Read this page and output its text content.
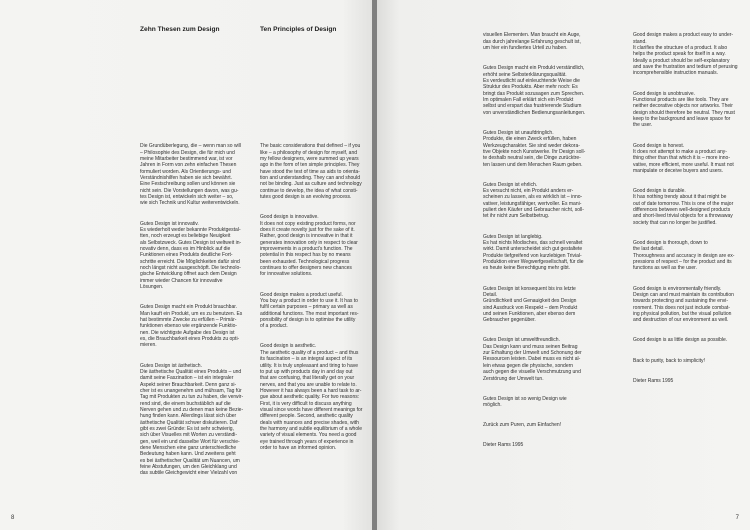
Zehn Thesen zum Design	Ten Principles of Design

Die Grundüberlegung, die – wenn man so will
– Philosophie des Design, die für mich und
meine Mitarbeiter bestimmend war, ist vor
Jahren in Form von zehn einfachen Thesen
formuliert worden. Als Orientierungs- und
Verständnishilfen haben sie sich bewährt.
Eine Festschreibung sollen und können sie
nicht sein. Die Vorstellungen davon, was gu-
tes Design ist, entwickeln sich weiter – so,
wie sich Technik und Kultur weiterentwickeln.

Gutes Design ist innovativ.
Es wiederholt weder bekannte Produktgestal-
tten, noch erzeugt es beliebige Neuigkeit
als Selbstzweck. Gutes Design ist weltweit in-
novativ denn, dass es im Hinblick auf die
Funktionen eines Produkts deutliche Fort-
schritte erreicht. Die Möglichkeiten dafür sind
noch längst nicht ausgeschöpft. Die technolo-
gische Entwicklung öffnet auch dem Design
immer wieder Chancen für innovative
Lösungen.

Gutes Design macht ein Produkt brauchbar.
Man kauft ein Produkt, um es zu benutzen. Es
hat bestimmte Zwecke zu erfüllen – Primär-
funktionen ebenso wie ergänzende Funktio-
nen. Die wichtigste Aufgabe des Design ist
es, die Brauchbarkeit eines Produkts zu opti-
mieren.

Gutes Design ist ästhetisch.
Die ästhetische Qualität eines Produkts – und
damit seine Faszination – ist ein integraler
Aspekt seiner Brauchbarkeit. Denn ganz si-
cher ist es unangenehm und mühsam, Tag für
Tag mit Produkten zu tun zu haben, die verwir-
rend sind, die einem buchstäblich auf die
Nerven gehen und zu denen man keine Bezie-
hung finden kann. Allerdings lässt sich über
ästhetische Qualität schwer diskutieren. Daf
gibt es zwei Gründe: Es ist sehr schwierig,
sich über Visuelles mit Worten zu verständi-
gen, weil ein und dasselbe Wort für verschie-
dene Menschen eine ganz unterschiedliche
Bedeutung haben kann. Und zweitens geht
es bei ästhetischer Qualität um Nuancen, um
feine Abstufungen, um den Gleichklang und
das subtile Gleichgewicht einer Vielzahl von

The basic considerations that defined – if you
like – a philosophy of design for myself, and
my fellow designers, were summed up years
ago in the form of ten simple principles. They
have stood the test of time as aids to orienta-
tion and understanding. They can and should
not be binding. Just as culture and technology
continue to develop, the idea of what consti-
tutes good design is an evolving process.

Good design is innovative.
It does not copy existing product forms, nor
does it create novelty just for the sake of it.
Rather, good design is innovative in that it
generates innovation only in respect to clear
improvements in a product's function. The
potential in this respect has by no means
been exhausted. Technological progress
continues to offer designers new chances
for innovative solutions.

Good design makes a product useful.
You buy a product in order to use it. It has to
fulfil certain purposes – primary as well as
additional functions. The most important res-
ponsibility of design is to optimise the utility
of a product.

Good design is aesthetic.
The aesthetic quality of a product – and thus
its fascination – is an integral aspect of its
utility. It is truly unpleasant and tiring to have
to put up with products day in and day out
that are confusing, that literally get on your
nerves, and that you are unable to relate to.
However it has always been a hard task to ar-
gue about aesthetic quality. For two reasons:
First, it is very difficult to discuss anything
visual since words have different meanings for
different people. Second, aesthetic quality
deals with nuances and precise shades, with
the harmony and subtle equilibrium of a whole
variety of visual elements. You need a good
eye trained through years of experience in
order to have an informed opinion.

8

visuellen Elementen. Man braucht ein Auge,
das durch jahrelange Erfahrung geschult ist,
um hier ein fundiertes Urteil zu haben.

Gutes Design macht ein Produkt verständlich,
erhöht seine Selbsterklärungsqualität.
Es verdeutlicht auf einleuchtende Weise die
Struktur des Produkts. Aber mehr noch: Es
bringt das Produkt sozusagen zum Sprechen.
Im optimalen Fall erklärt sich ein Produkt
selbst und erspart das frustrierende Studium
von unverständlichen Bedienungsanleitungen.

Gutes Design ist unaufdringlich.
Produkte, die einen Zweck erfüllen, haben
Werkzeugcharakter. Sie sind weder dekora-
tive Objekte noch Kunstwerke. Ihr Design soll-
te deshalb neutral sein, die Dinge zurücktre-
ten lassen und dem Menschen Raum geben.

Gutes Design ist ehrlich.
Es versucht nicht, ein Produkt anders er-
scheinen zu lassen, als es wirklich ist – inno-
vativer, leistungsfähiger, wertvoller. Es mani-
puliert den Käufer und Gebraucher nicht, soll-
tet ihr nicht zum Selbstbetrug.

Gutes Design ist langlebig.
Es hat nichts Modisches, das schnell veraltet
wirkt. Damit unterscheidet sich gut gestaltete
Produkte tiefgreifend von kurzlebigen Trivial-
Produktion einer Wegwerfgesellschaft, für die
es heute keine Berechtigung mehr gibt.

Gutes Design ist konsequent bis ins letzte
Detail.
Gründlichkeit und Genauigkeit des Design
sind Ausdruck von Respekt – dem Produkt
und seinen Funktionen, aber ebenso dem
Gebraucher gegenüber.

Gutes Design ist umweltfreundlich.
Das Design kann und muss seinen Beitrag
zur Erhaltung der Umwelt und Schonung der
Ressourcen leisten. Dabei muss es nicht al-
lein etwas gegen die physische, sondern
auch gegen die visuelle Verschmutzung und
Zerstörung der Umwelt tun.

Gutes Design ist so wenig Design wie
möglich.

Zurück zum Puren, zum Einfachen!

Dieter Rams 1995

Good design makes a product easy to under-
stand.
It clarifies the structure of a product. It also
helps the product speak for itself in a way.
Ideally a product should be self-explanatory
and save the frustration and tedium of perusing
incomprehensible instruction manuals.

Good design is unobtrusive.
Functional products are like tools. They are
neither decorative objects nor artworks. Their
design should therefore be neutral. They must
keep to the background and leave space for
the user.

Good design is honest.
It does not attempt to make a product any-
thing other than that which it is – more inno-
vative, more efficient, more useful. It must not
manipulate or deceive buyers and users.

Good design is durable.
It has nothing trendy about it that might be
out of date tomorrow. This is one of the major
differences between well-designed products
and short-lived trivial objects for a throwaway
society that can no longer be justified.

Good design is thorough, down to
the last detail.
Thoroughness and accuracy in design are ex-
pressions of respect – for the product and its
functions as well as the user.

Good design is environmentally friendly.
Design can and must maintain its contribution
towards protecting and sustaining the envi-
ronment. This does not just include combat-
ing physical pollution, but the visual pollution
and destruction of our environment as well.

Good design is as little design as possible.

Back to purity, back to simplicity!

Dieter Rams 1995

7
